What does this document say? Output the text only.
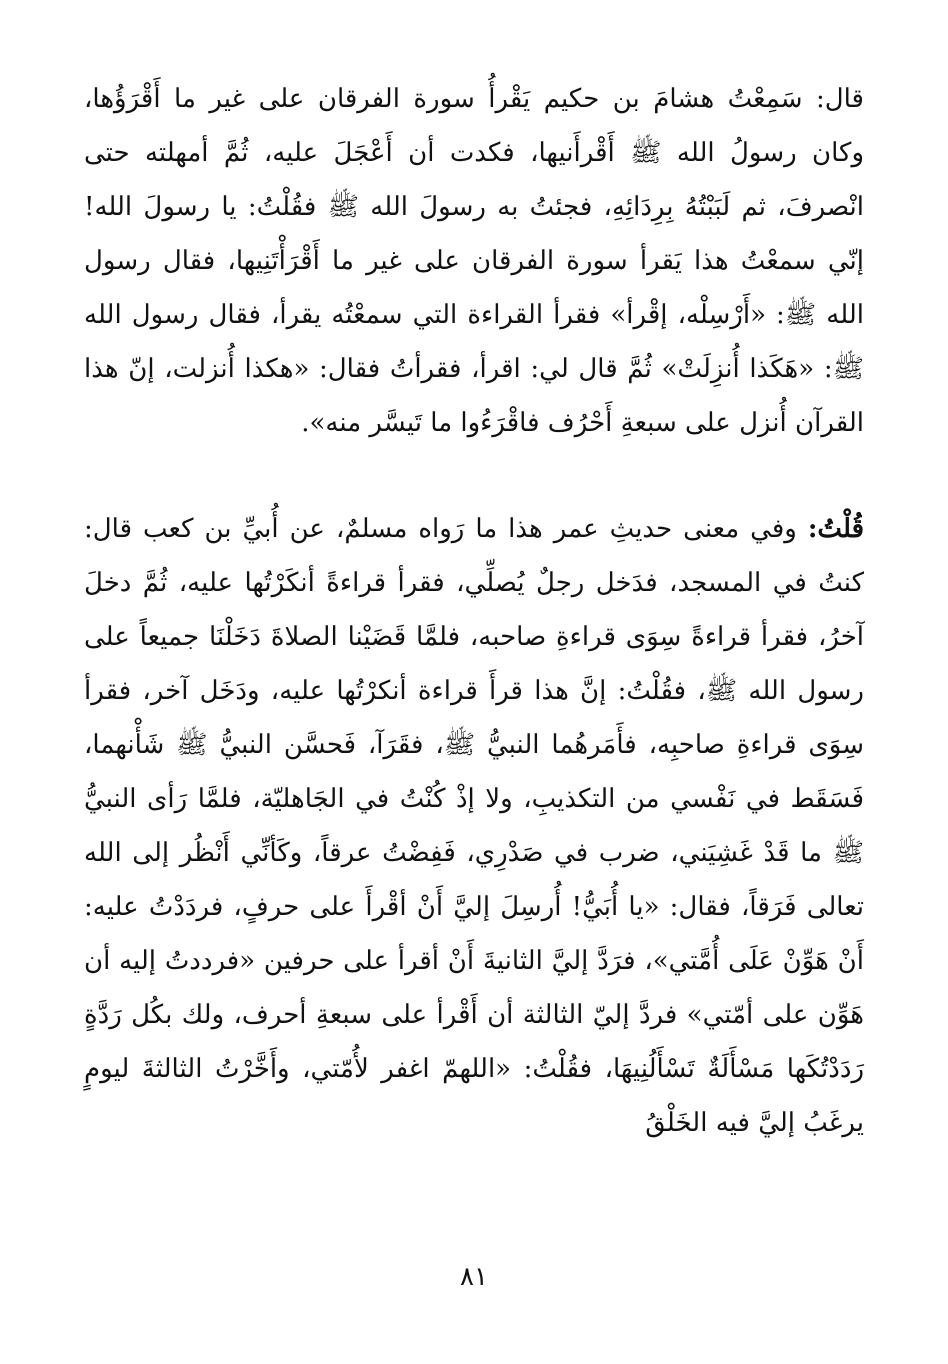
قال: سَمِعْتُ هشامَ بن حكيم يَقْرأُ سورة الفرقان على غير ما أَقْرَؤُها، وكان رسولُ الله ﷺ أَقْرأَنيها، فكدت أن أَعْجَلَ عليه، ثُمَّ أمهلته حتى انْصرفَ، ثم لَبَبْتُهُ بِرِدَائِهِ، فجئتُ به رسولَ الله ﷺ فقُلْتُ: يا رسولَ الله! إنّي سمعْتُ هذا يَقرأ سورة الفرقان على غير ما أَقْرَأْتَنِيها، فقال رسول الله ﷺ: «أَرْسِلْه، إقْرأ» فقرأ القراءة التي سمعْتُه يقرأ، فقال رسول الله ﷺ: «هَكَذا أُنزِلَتْ» ثُمَّ قال لي: اقرأ، فقرأتُ فقال: «هكذا أُنزلت، إنّ هذا القرآن أُنزل على سبعةِ أَحْرُف فاقْرَءُوا ما تَيسَّر منه».

قُلْتُ: وفي معنى حديثِ عمر هذا ما رَواه مسلمٌ، عن أُبيِّ بن كعب قال: كنتُ في المسجد، فدَخل رجلٌ يُصلِّي، فقرأ قراءةً أنكَرْتُها عليه، ثُمَّ دخلَ آخرُ، فقرأ قراءةً سِوَى قراءةِ صاحبه، فلمَّا قَضَيْنا الصلاةَ دَخَلْنَا جميعاً على رسول الله ﷺ، فقُلْتُ: إنَّ هذا قرأَ قراءة أنكرْتُها عليه، ودَخَل آخر، فقرأ سِوَى قراءةِ صاحبِه، فأَمَرهُما النبيُّ ﷺ، فقَرَآ، فَحسَّن النبيُّ ﷺ شَأْنهما، فَسَقَط في نَفْسي من التكذيبِ، ولا إذْ كُنْتُ في الجَاهليّة، فلمَّا رَأى النبيُّ ﷺ ما قَدْ غَشِيَني، ضرب في صَدْرِي، فَفِضْتُ عرقاً، وكَأنِّي أَنْظُر إلى الله تعالى فَرَقاً، فقال: «يا أُبَيُّ! أُرسِلَ إليَّ أَنْ أقْرأَ على حرفٍ، فردَدْتُ عليه: أَنْ هَوِّنْ عَلَى أُمَّتي»، فرَدَّ إليَّ الثانيةَ أَنْ أقرأ على حرفين «فرددتُ إليه أن هَوِّن على أمّتي» فردَّ إليّ الثالثة أن أَقْرأ على سبعةِ أحرف، ولك بكُل رَدَّةٍ رَدَدْتُكَها مَسْأَلَةٌ تَسْأَلُنِيهَا، فقُلْتُ: «اللهمّ اغفر لأُمّتي، وأَخَّرْتُ الثالثةَ ليومٍ يرغَبُ إليَّ فيه الخَلْقُ

٨١
